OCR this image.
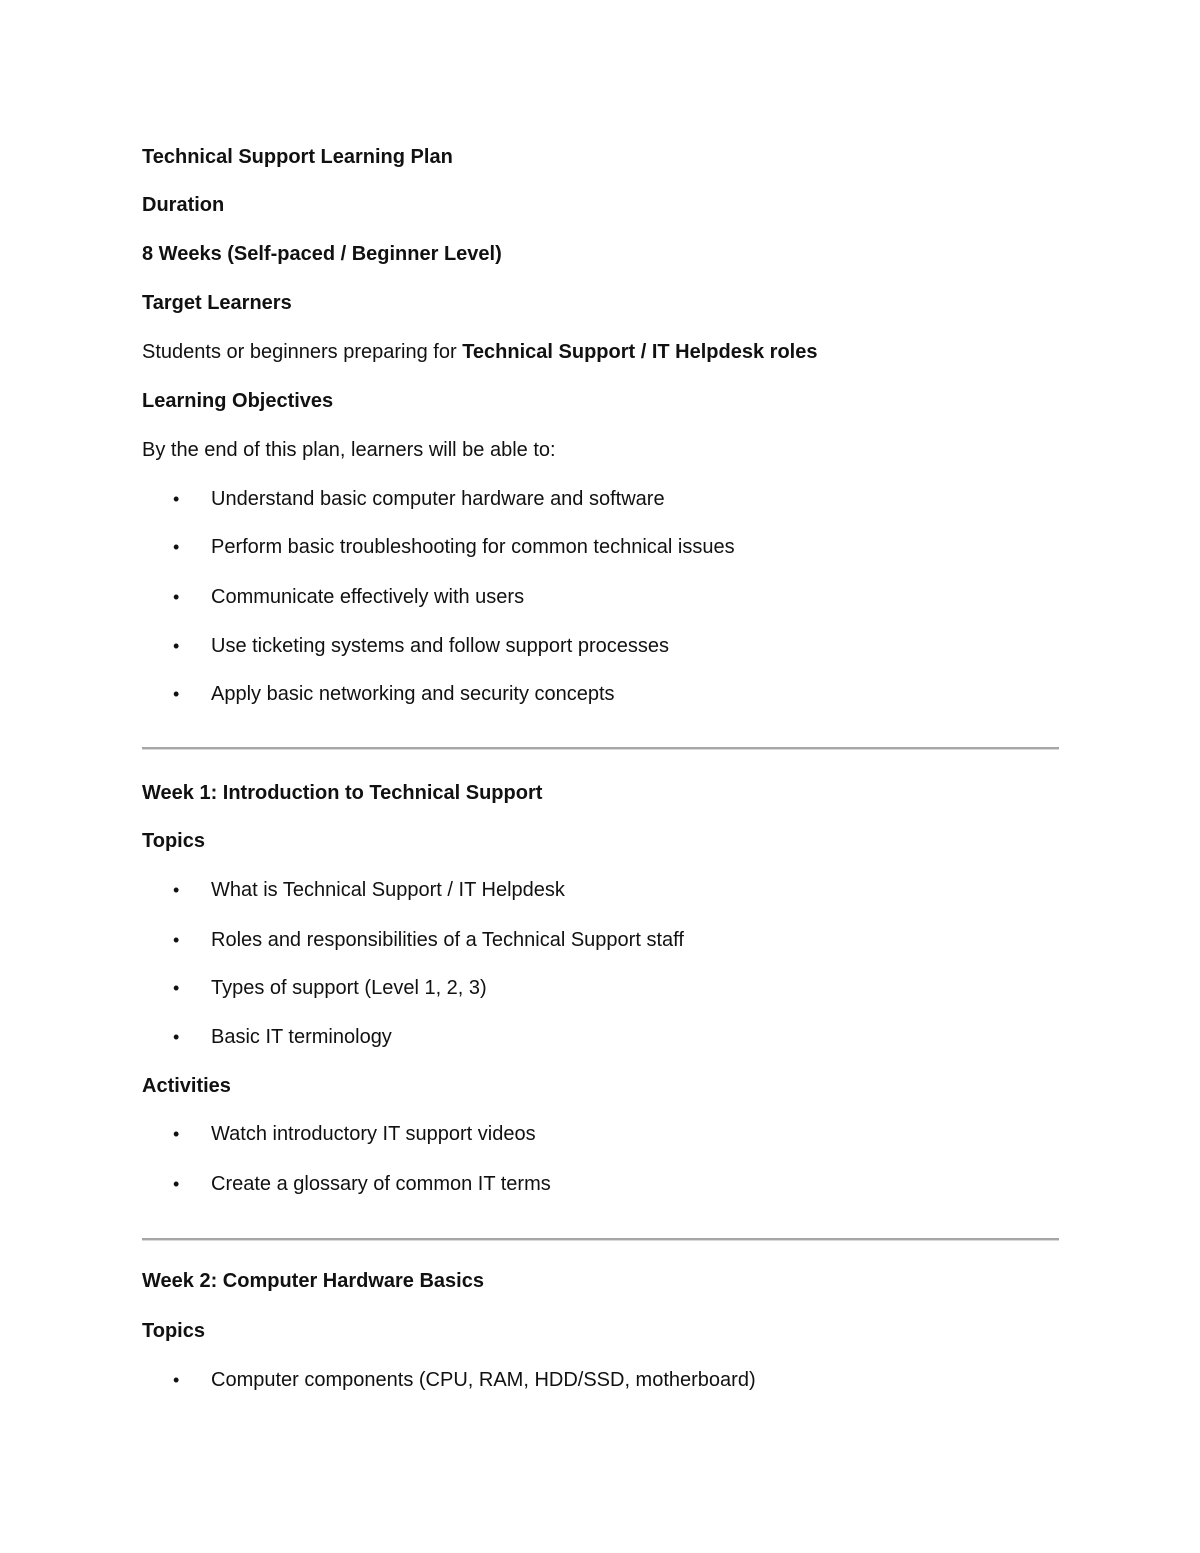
Technical Support Learning Plan
Duration
8 Weeks (Self-paced / Beginner Level)
Target Learners
Students or beginners preparing for Technical Support / IT Helpdesk roles
Learning Objectives
By the end of this plan, learners will be able to:
• Understand basic computer hardware and software
• Perform basic troubleshooting for common technical issues
• Communicate effectively with users
• Use ticketing systems and follow support processes
• Apply basic networking and security concepts
Week 1: Introduction to Technical Support
Topics
• What is Technical Support / IT Helpdesk
• Roles and responsibilities of a Technical Support staff
• Types of support (Level 1, 2, 3)
• Basic IT terminology
Activities
• Watch introductory IT support videos
• Create a glossary of common IT terms
Week 2: Computer Hardware Basics
Topics
• Computer components (CPU, RAM, HDD/SSD, motherboard)
